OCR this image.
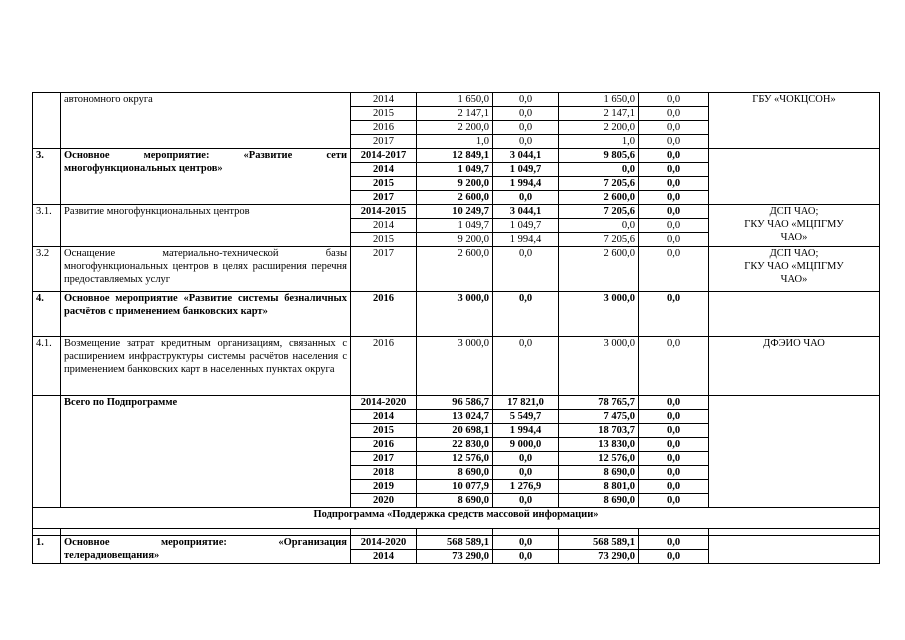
	автономного округа	2014	1 650,0	0,0	1 650,0	0,0	ГБУ «ЧОКЦСОН»
		2015	2 147,1	0,0	2 147,1	0,0	
		2016	2 200,0	0,0	2 200,0	0,0	
		2017	1,0	0,0	1,0	0,0	
3.	Основное мероприятие: «Развитие сети многофункциональных центров»	2014-2017	12 849,1	3 044,1	9 805,6	0,0	
		2014	1 049,7	1 049,7	0,0	0,0	
		2015	9 200,0	1 994,4	7 205,6	0,0	
		2017	2 600,0	0,0	2 600,0	0,0	
3.1.	Развитие многофункциональных центров	2014-2015	10 249,7	3 044,1	7 205,6	0,0	ДСП ЧАО;
ГКУ ЧАО «МЦПГМУ
ЧАО»

		2014	1 049,7	1 049,7	0,0	0,0	
		2015	9 200,0	1 994,4	7 205,6	0,0	
3.2	Оснащение материально-технической базы многофункциональных центров в целях расширения перечня предоставляемых услуг	2017	2 600,0	0,0	2 600,0	0,0	ДСП ЧАО;
ГКУ ЧАО «МЦПГМУ
ЧАО»

4.	Основное мероприятие «Развитие системы безналичных расчётов с применением банковских карт»	2016	3 000,0	0,0	3 000,0	0,0	
4.1.	Возмещение затрат кредитным организациям, связанных с расширением инфраструктуры системы расчётов населения с применением банковских карт в населенных пунктах округа	2016	3 000,0	0,0	3 000,0	0,0	ДФЭИО ЧАО
	Всего по Подпрограмме	2014-2020	96 586,7	17 821,0	78 765,7	0,0	
		2014	13 024,7	5 549,7	7 475,0	0,0	
		2015	20 698,1	1 994,4	18 703,7	0,0	
		2016	22 830,0	9 000,0	13 830,0	0,0	
		2017	12 576,0	0,0	12 576,0	0,0	
		2018	8 690,0	0,0	8 690,0	0,0	
		2019	10 077,9	1 276,9	8 801,0	0,0	
		2020	8 690,0	0,0	8 690,0	0,0	
Подпрограмма «Поддержка средств массовой информации»							

1.	Основное мероприятие: «Организация телерадиовещания»	2014-2020	568 589,1	0,0	568 589,1	0,0	
		2014	73 290,0	0,0	73 290,0	0,0	
